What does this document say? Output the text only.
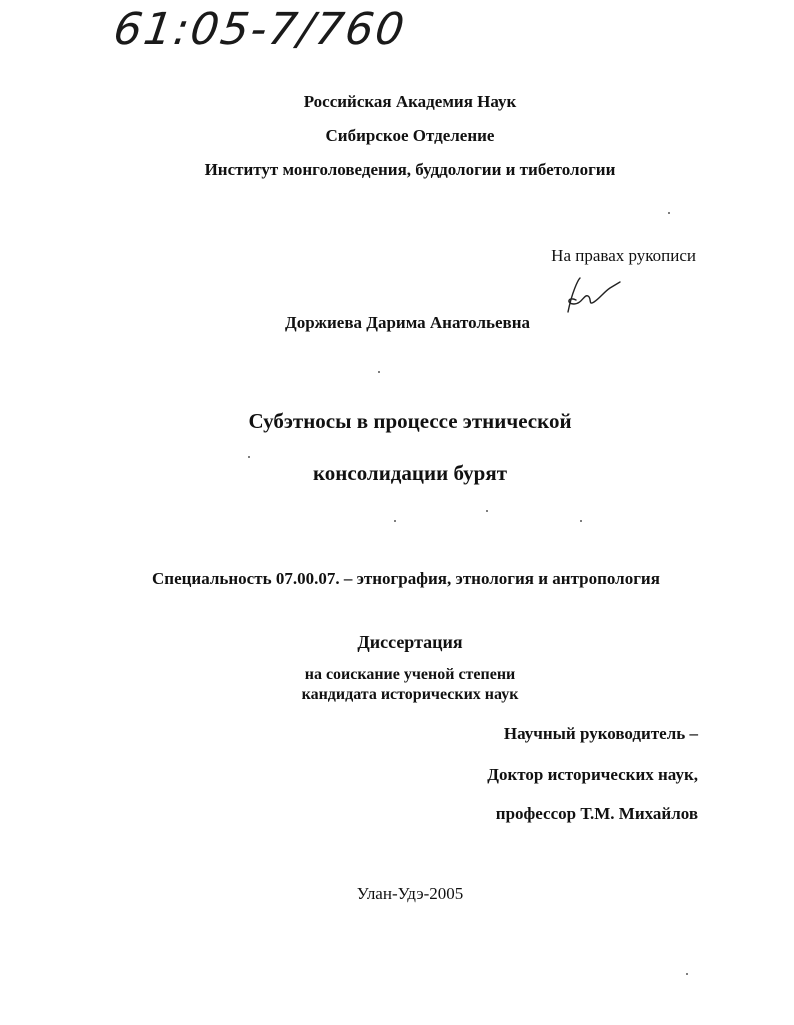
61:05-7/760
Российская Академия Наук
Сибирское Отделение
Институт монголоведения, буддологии и тибетологии
На правах рукописи
Доржиева Дарима Анатольевна
Субэтносы в процессе этнической
консолидации бурят
Специальность 07.00.07. – этнография, этнология и антропология
Диссертация
на соискание ученой степени
кандидата исторических наук
Научный руководитель –
Доктор исторических наук,
профессор Т.М. Михайлов
Улан-Удэ-2005
